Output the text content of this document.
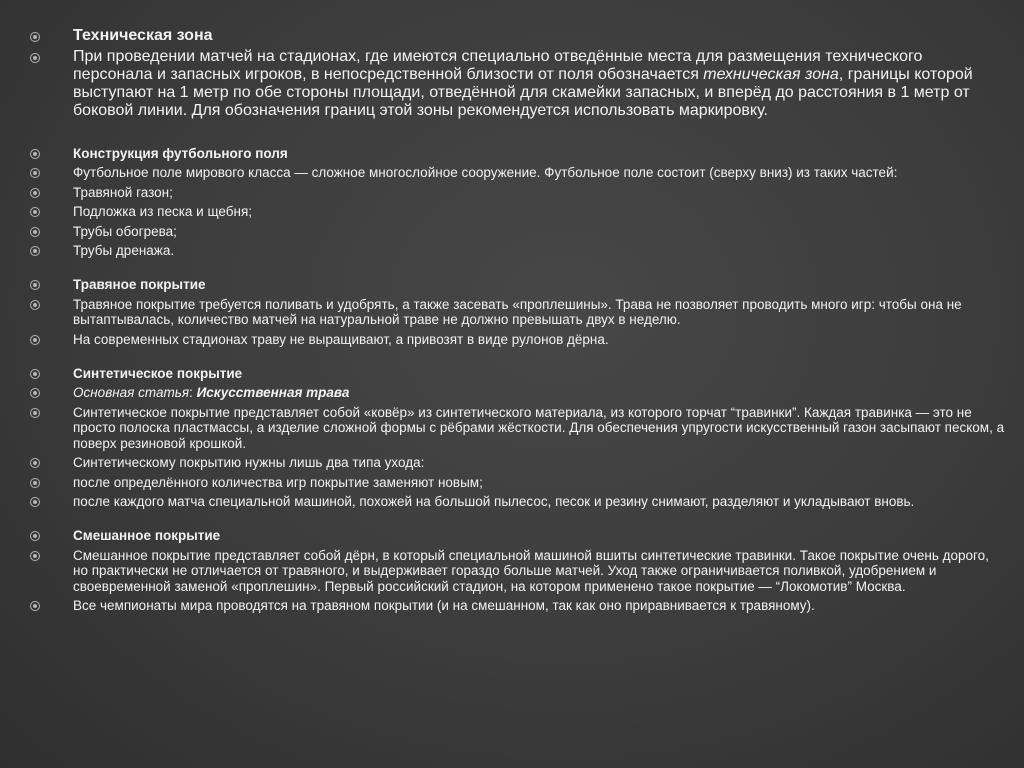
Техническая зона
При проведении матчей на стадионах, где имеются специально отведённые места для размещения технического персонала и запасных игроков, в непосредственной близости от поля обозначается техническая зона, границы которой выступают на 1 метр по обе стороны площади, отведённой для скамейки запасных, и вперёд до расстояния в 1 метр от боковой линии. Для обозначения границ этой зоны рекомендуется использовать маркировку.
Конструкция футбольного поля
Футбольное поле мирового класса — сложное многослойное сооружение. Футбольное поле состоит (сверху вниз) из таких частей:
Травяной газон;
Подложка из песка и щебня;
Трубы обогрева;
Трубы дренажа.
Травяное покрытие
Травяное покрытие требуется поливать и удобрять, а также засевать «проплешины». Трава не позволяет проводить много игр: чтобы она не вытаптывалась, количество матчей на натуральной траве не должно превышать двух в неделю.
На современных стадионах траву не выращивают, а привозят в виде рулонов дёрна.
Синтетическое покрытие
Основная статья: Искусственная трава
Синтетическое покрытие представляет собой «ковёр» из синтетического материала, из которого торчат “травинки”. Каждая травинка — это не просто полоска пластмассы, а изделие сложной формы с рёбрами жёсткости. Для обеспечения упругости искусственный газон засыпают песком, а поверх резиновой крошкой.
Синтетическому покрытию нужны лишь два типа ухода:
после определённого количества игр покрытие заменяют новым;
после каждого матча специальной машиной, похожей на большой пылесос, песок и резину снимают, разделяют и укладывают вновь.
Смешанное покрытие
Смешанное покрытие представляет собой дёрн, в который специальной машиной вшиты синтетические травинки. Такое покрытие очень дорого, но практически не отличается от травяного, и выдерживает гораздо больше матчей. Уход также ограничивается поливкой, удобрением и своевременной заменой «проплешин». Первый российский стадион, на котором применено такое покрытие — “Локомотив” Москва.
Все чемпионаты мира проводятся на травяном покрытии (и на смешанном, так как оно приравнивается к травяному).
